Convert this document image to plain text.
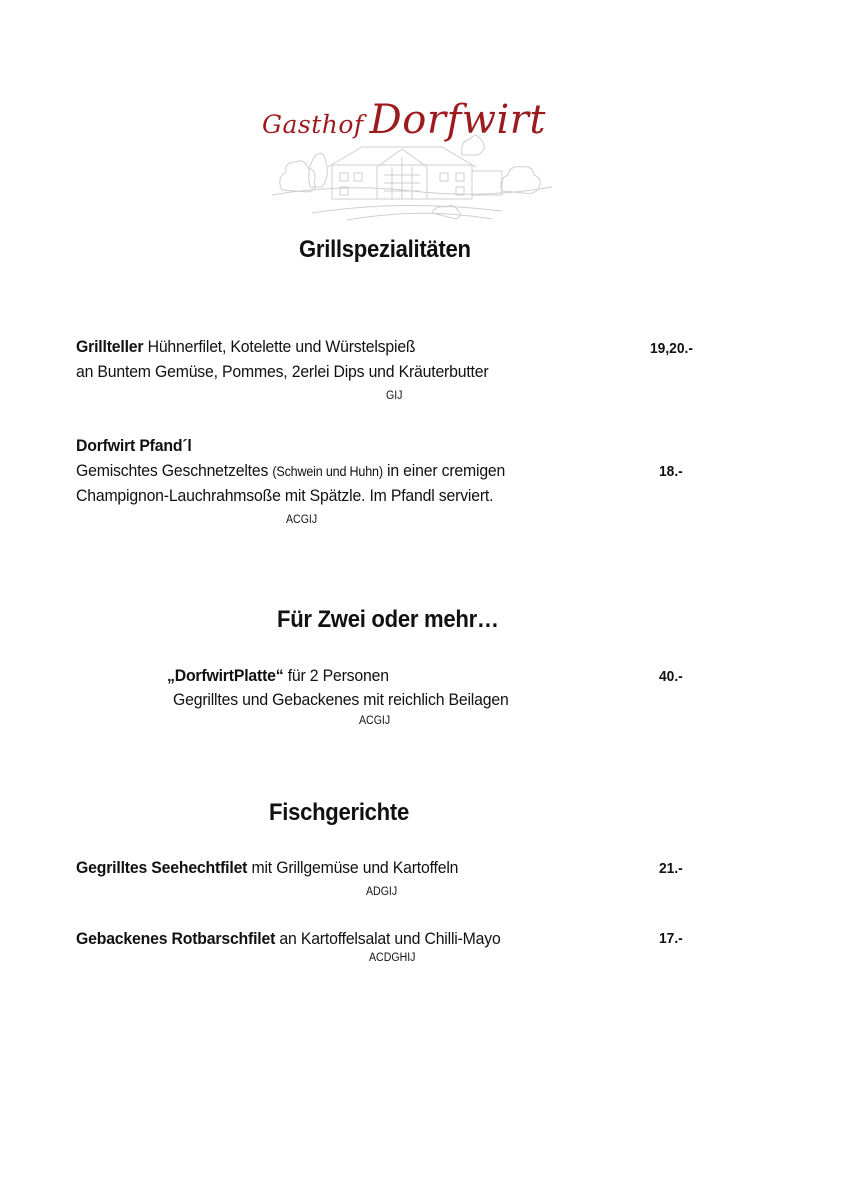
Gasthof Dorfwirt
Grillspezialitäten
Grillteller Hühnerfilet, Kotelette und Würstelspieß
an Buntem Gemüse, Pommes, 2erlei Dips und Kräuterbutter
GIJ
19,20.-
Dorfwirt Pfand´l
Gemischtes Geschnetzeltes (Schwein und Huhn) in einer cremigen
Champignon-Lauchrahmsoße mit Spätzle. Im Pfandl serviert.
ACGIJ
18.-
Für Zwei oder mehr…
„DorfwirtPlatte“ für 2 Personen
Gegrilltes und Gebackenes mit reichlich Beilagen
ACGIJ
40.-
Fischgerichte
Gegrilltes Seehechtfilet mit Grillgemüse und Kartoffeln
ADGIJ
21.-
Gebackenes Rotbarschfilet an Kartoffelsalat und Chilli-Mayo
ACDGHIJ
17.-
